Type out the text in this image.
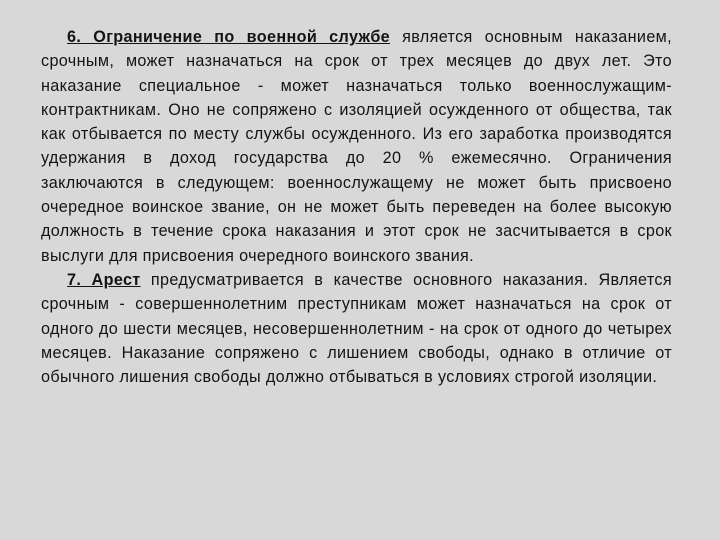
6. Ограничение по военной службе является основным наказанием, срочным, может назначаться на срок от трех месяцев до двух лет. Это наказание специальное - может назначаться только военнослужащим-контрактникам. Оно не сопряжено с изоляцией осужденного от общества, так как отбывается по месту службы осужденного. Из его заработка производятся удержания в доход государства до 20 % ежемесячно. Ограничения заключаются в следующем: военнослужащему не может быть присвоено очередное воинское звание, он не может быть переведен на более высокую должность в течение срока наказания и этот срок не засчитывается в срок выслуги для присвоения очередного воинского звания.

7. Арест предусматривается в качестве основного наказания. Является срочным - совершеннолетним преступникам может назначаться на срок от одного до шести месяцев, несовершеннолетним - на срок от одного до четырех месяцев. Наказание сопряжено с лишением свободы, однако в отличие от обычного лишения свободы должно отбываться в условиях строгой изоляции.
